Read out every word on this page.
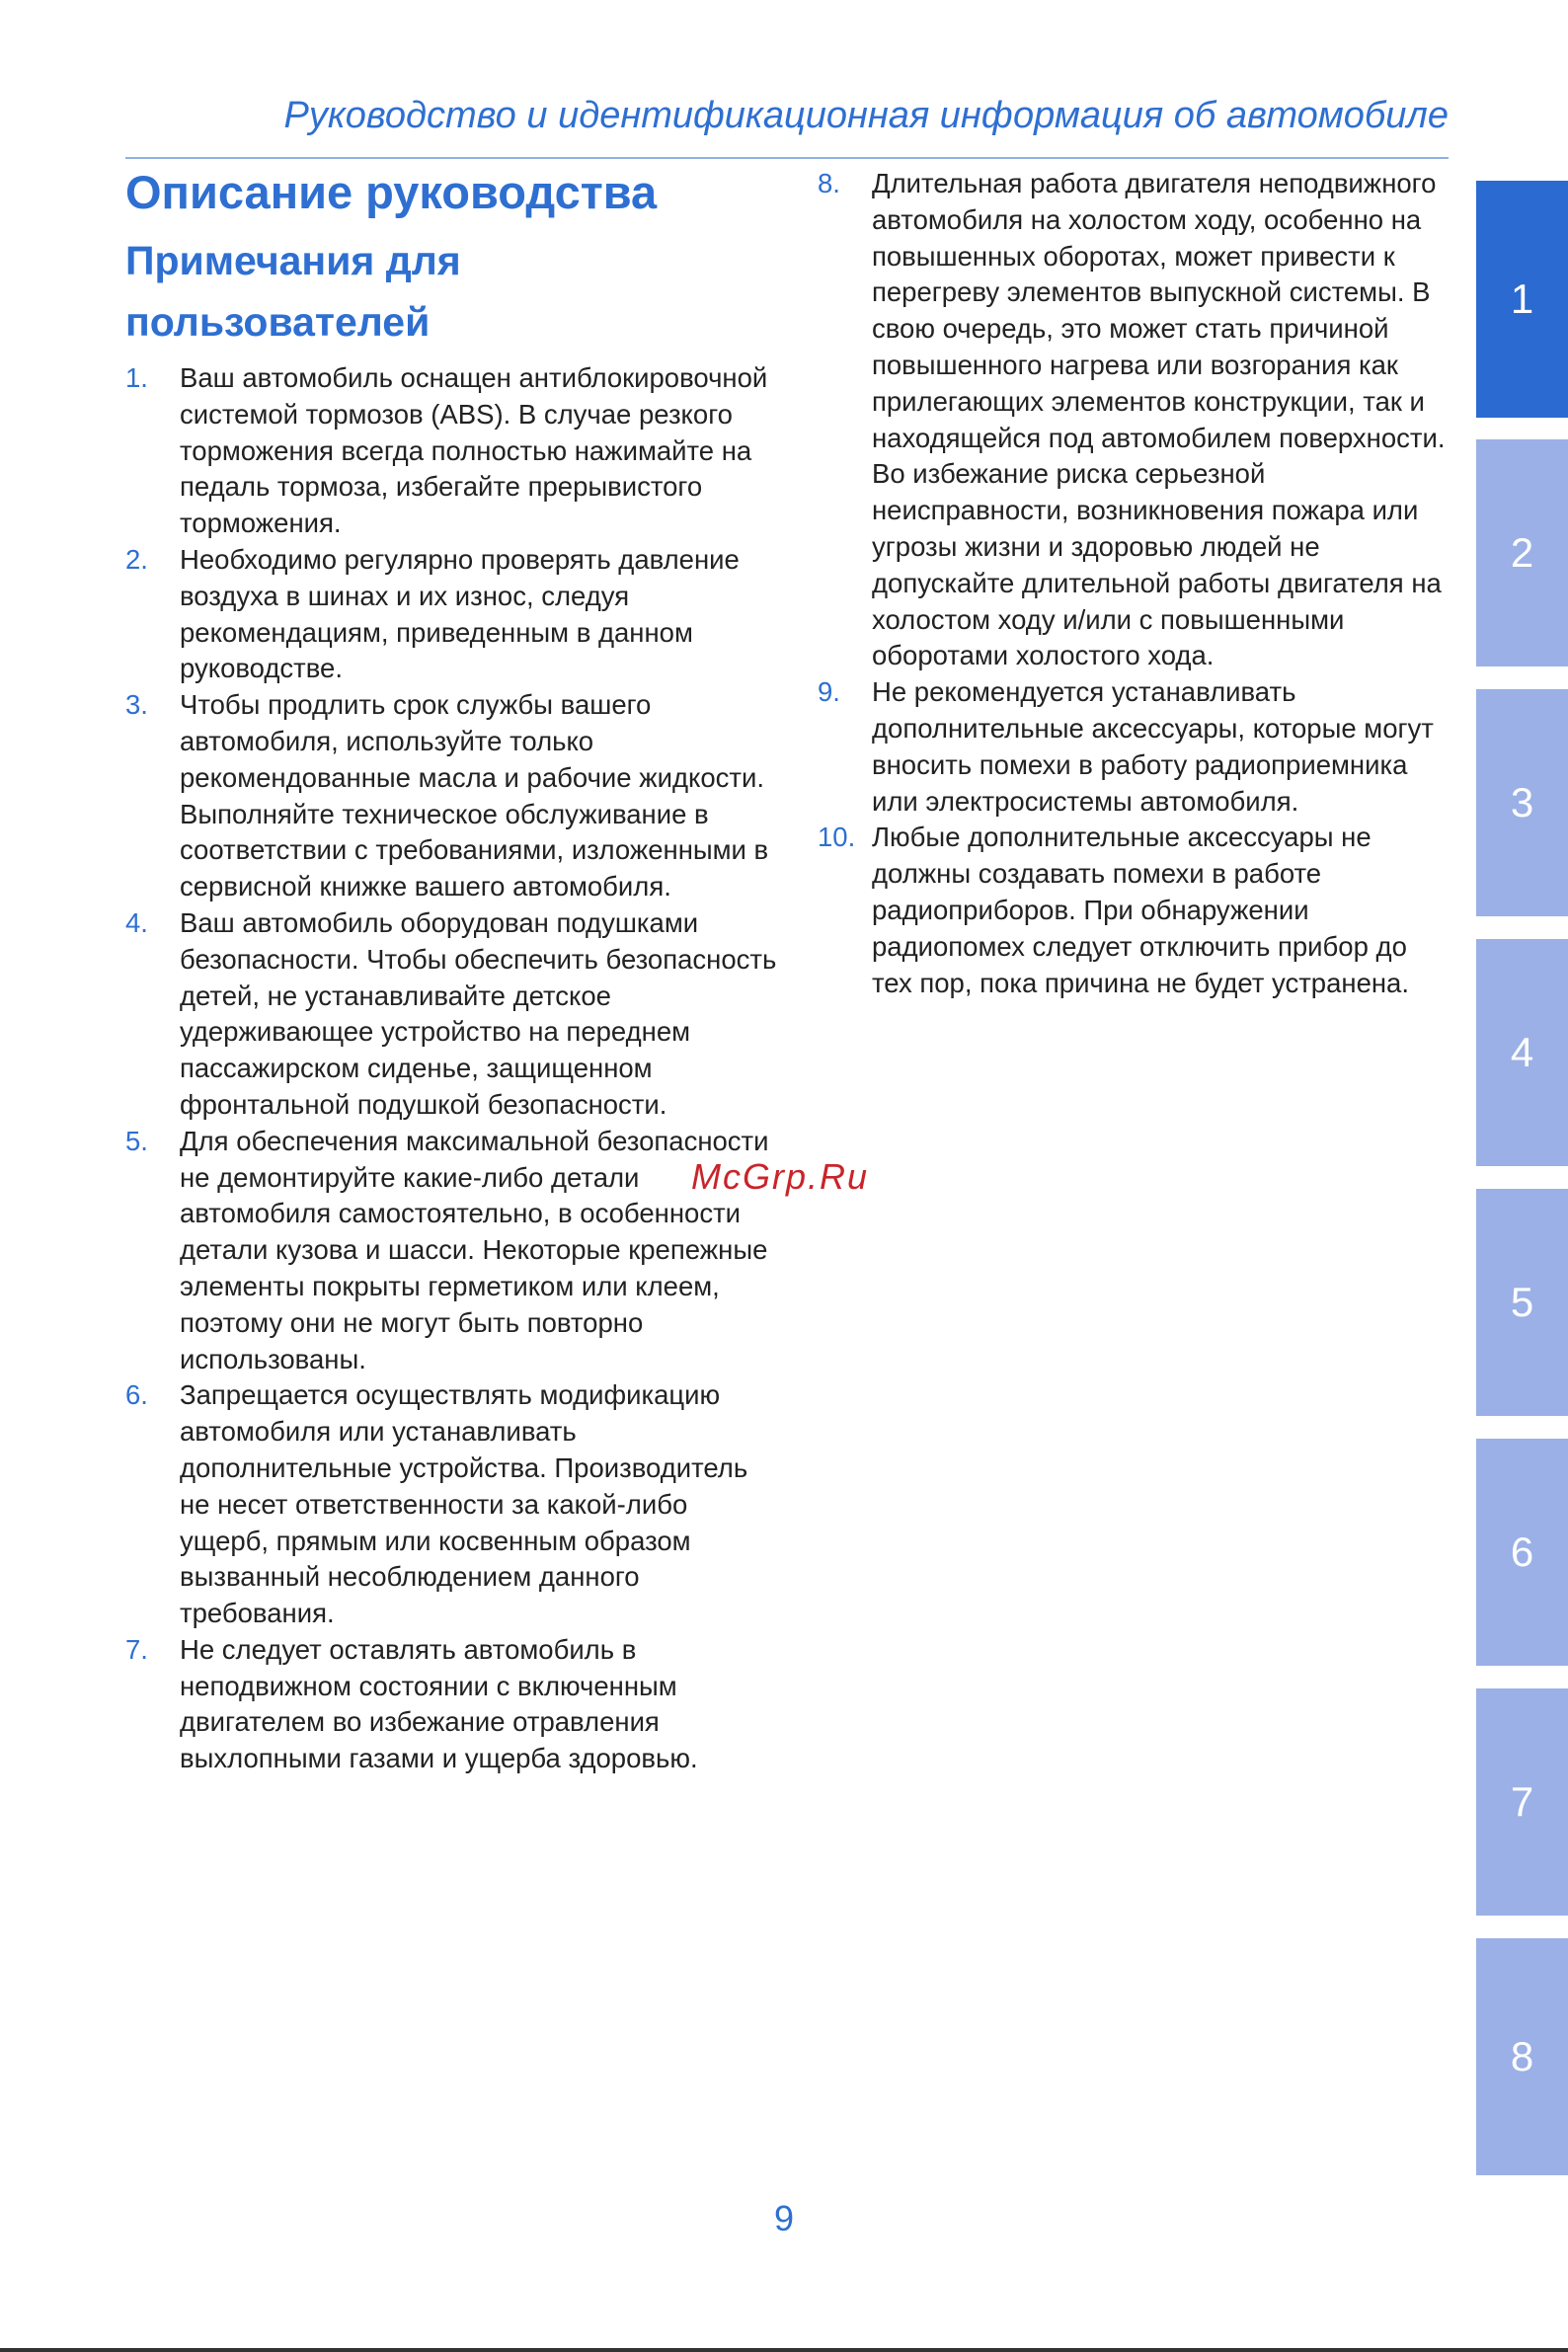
Руководство и идентификационная информация об автомобиле
Описание руководства
Примечания для пользователей
1. Ваш автомобиль оснащен антиблокировочной системой тормозов (ABS). В случае резкого торможения всегда полностью нажимайте на педаль тормоза, избегайте прерывистого торможения.
2. Необходимо регулярно проверять давление воздуха в шинах и их износ, следуя рекомендациям, приведенным в данном руководстве.
3. Чтобы продлить срок службы вашего автомобиля, используйте только рекомендованные масла и рабочие жидкости. Выполняйте техническое обслуживание в соответствии с требованиями, изложенными в сервисной книжке вашего автомобиля.
4. Ваш автомобиль оборудован подушками безопасности. Чтобы обеспечить безопасность детей, не устанавливайте детское удерживающее устройство на переднем пассажирском сиденье, защищенном фронтальной подушкой безопасности.
5. Для обеспечения максимальной безопасности не демонтируйте какие-либо детали автомобиля самостоятельно, в особенности детали кузова и шасси. Некоторые крепежные элементы покрыты герметиком или клеем, поэтому они не могут быть повторно использованы.
6. Запрещается осуществлять модификацию автомобиля или устанавливать дополнительные устройства. Производитель не несет ответственности за какой-либо ущерб, прямым или косвенным образом вызванный несоблюдением данного требования.
7. Не следует оставлять автомобиль в неподвижном состоянии с включенным двигателем во избежание отравления выхлопными газами и ущерба здоровью.
8. Длительная работа двигателя неподвижного автомобиля на холостом ходу, особенно на повышенных оборотах, может привести к перегреву элементов выпускной системы. В свою очередь, это может стать причиной повышенного нагрева или возгорания как прилегающих элементов конструкции, так и находящейся под автомобилем поверхности. Во избежание риска серьезной неисправности, возникновения пожара или угрозы жизни и здоровью людей не допускайте длительной работы двигателя на холостом ходу и/или с повышенными оборотами холостого хода.
9. Не рекомендуется устанавливать дополнительные аксессуары, которые могут вносить помехи в работу радиоприемника или электросистемы автомобиля.
10. Любые дополнительные аксессуары не должны создавать помехи в работе радиоприборов. При обнаружении радиопомех следует отключить прибор до тех пор, пока причина не будет устранена.
McGrp.Ru
1
2
3
4
5
6
7
8
9
